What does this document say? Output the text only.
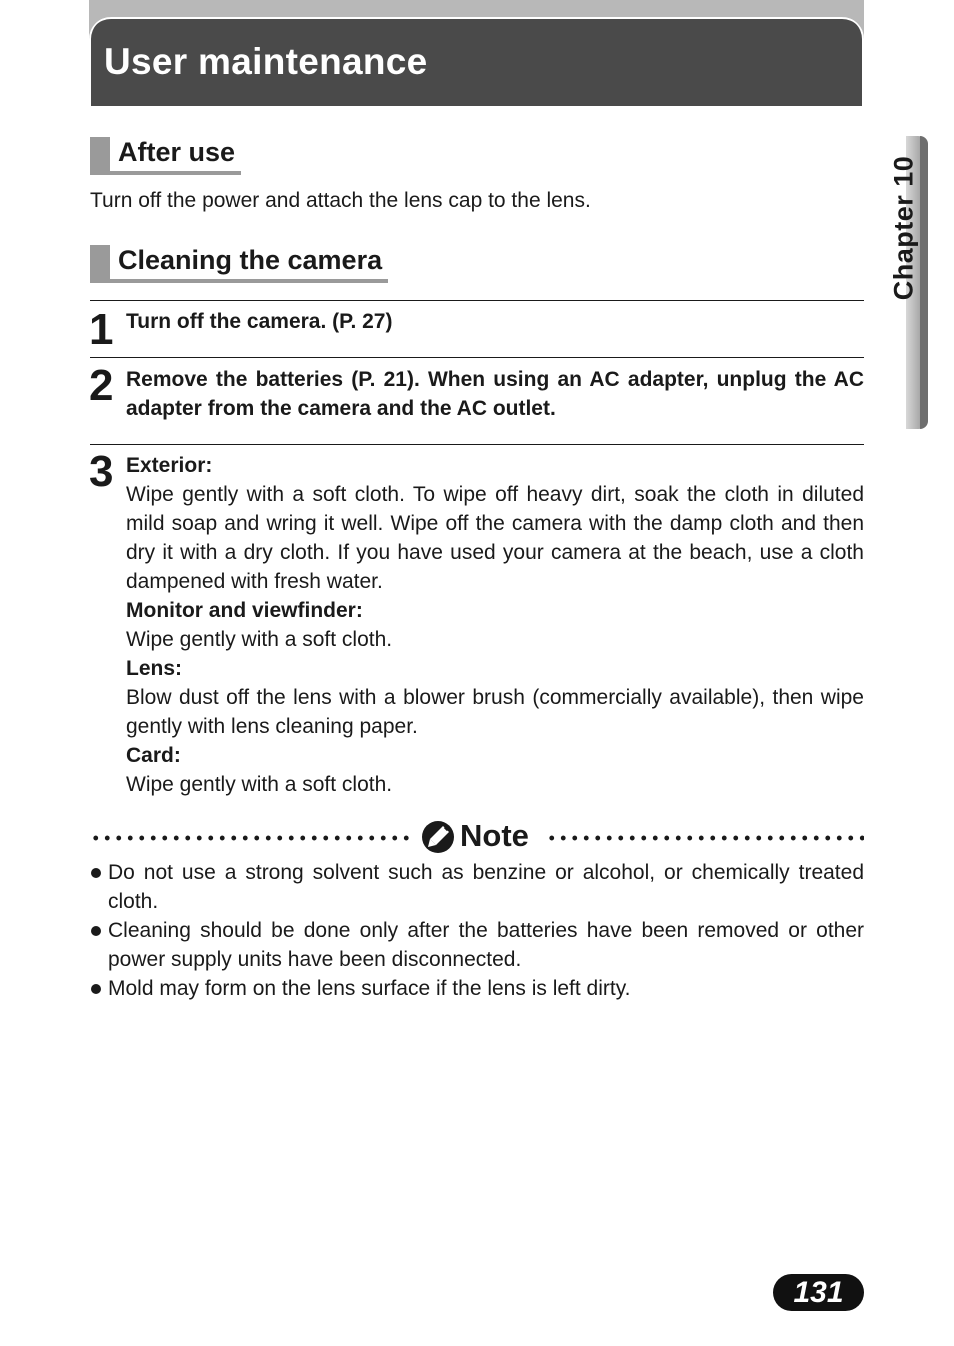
User maintenance
Chapter 10
After use
Turn off the power and attach the lens cap to the lens.
Cleaning the camera
1 Turn off the camera. (P. 27)
2 Remove the batteries (P. 21). When using an AC adapter, unplug the AC adapter from the camera and the AC outlet.
3 Exterior:
Wipe gently with a soft cloth. To wipe off heavy dirt, soak the cloth in diluted mild soap and wring it well. Wipe off the camera with the damp cloth and then dry it with a dry cloth. If you have used your camera at the beach, use a cloth dampened with fresh water.
Monitor and viewfinder:
Wipe gently with a soft cloth.
Lens:
Blow dust off the lens with a blower brush (commercially available), then wipe gently with lens cleaning paper.
Card:
Wipe gently with a soft cloth.
Note
Do not use a strong solvent such as benzine or alcohol, or chemically treated cloth.
Cleaning should be done only after the batteries have been removed or other power supply units have been disconnected.
Mold may form on the lens surface if the lens is left dirty.
131
